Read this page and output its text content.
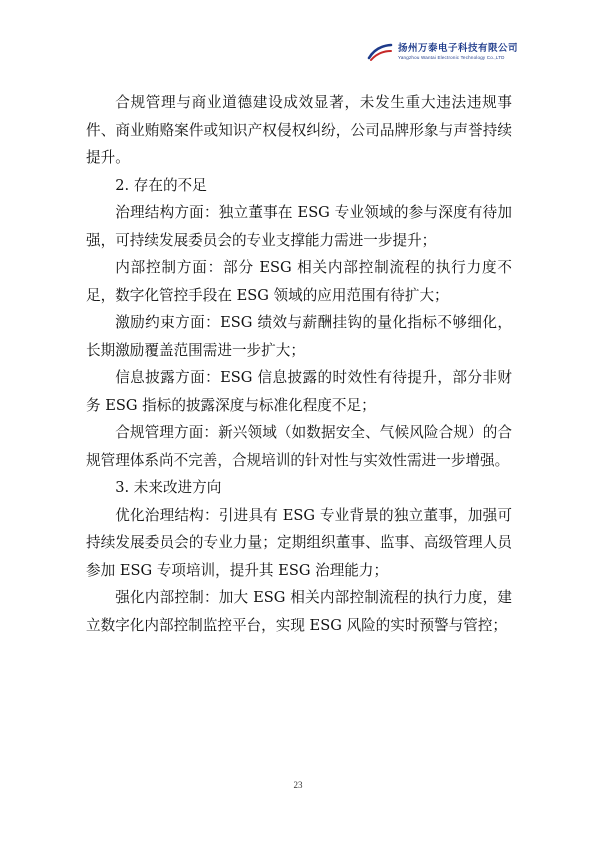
扬州万泰电子科技有限公司
Yangzhou Wantai Electronic Technology Co.,LTD

合规管理与商业道德建设成效显著，未发生重大违法违规事件、商业贿赂案件或知识产权侵权纠纷，公司品牌形象与声誉持续提升。

2. 存在的不足

治理结构方面：独立董事在 ESG 专业领域的参与深度有待加强，可持续发展委员会的专业支撑能力需进一步提升；

内部控制方面：部分 ESG 相关内部控制流程的执行力度不足，数字化管控手段在 ESG 领域的应用范围有待扩大；

激励约束方面：ESG 绩效与薪酬挂钩的量化指标不够细化，长期激励覆盖范围需进一步扩大；

信息披露方面：ESG 信息披露的时效性有待提升，部分非财务 ESG 指标的披露深度与标准化程度不足；

合规管理方面：新兴领域（如数据安全、气候风险合规）的合规管理体系尚不完善，合规培训的针对性与实效性需进一步增强。

3. 未来改进方向

优化治理结构：引进具有 ESG 专业背景的独立董事，加强可持续发展委员会的专业力量；定期组织董事、监事、高级管理人员参加 ESG 专项培训，提升其 ESG 治理能力；

强化内部控制：加大 ESG 相关内部控制流程的执行力度，建立数字化内部控制监控平台，实现 ESG 风险的实时预警与管控；

23
